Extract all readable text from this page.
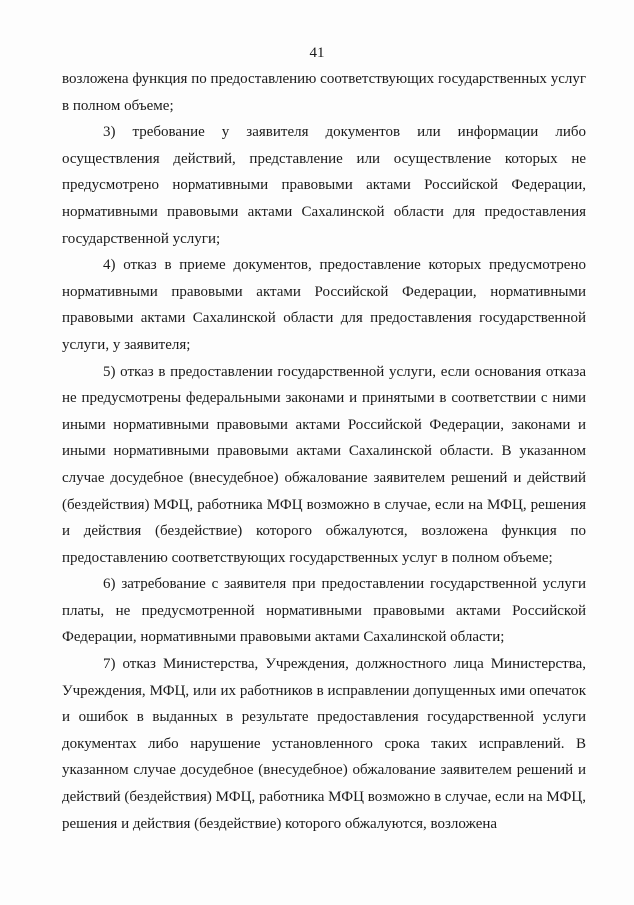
41

возложена функция по предоставлению соответствующих государственных услуг в полном объеме;

3) требование у заявителя документов или информации либо осуществления действий, представление или осуществление которых не предусмотрено нормативными правовыми актами Российской Федерации, нормативными правовыми актами Сахалинской области для предоставления государственной услуги;

4) отказ в приеме документов, предоставление которых предусмотрено нормативными правовыми актами Российской Федерации, нормативными правовыми актами Сахалинской области для предоставления государственной услуги, у заявителя;

5) отказ в предоставлении государственной услуги, если основания отказа не предусмотрены федеральными законами и принятыми в соответствии с ними иными нормативными правовыми актами Российской Федерации, законами и иными нормативными правовыми актами Сахалинской области. В указанном случае досудебное (внесудебное) обжалование заявителем решений и действий (бездействия) МФЦ, работника МФЦ возможно в случае, если на МФЦ, решения и действия (бездействие) которого обжалуются, возложена функция по предоставлению соответствующих государственных услуг в полном объеме;

6) затребование с заявителя при предоставлении государственной услуги платы, не предусмотренной нормативными правовыми актами Российской Федерации, нормативными правовыми актами Сахалинской области;

7) отказ Министерства, Учреждения, должностного лица Министерства, Учреждения, МФЦ, или их работников в исправлении допущенных ими опечаток и ошибок в выданных в результате предоставления государственной услуги документах либо нарушение установленного срока таких исправлений. В указанном случае досудебное (внесудебное) обжалование заявителем решений и действий (бездействия) МФЦ, работника МФЦ возможно в случае, если на МФЦ, решения и действия (бездействие) которого обжалуются, возложена
